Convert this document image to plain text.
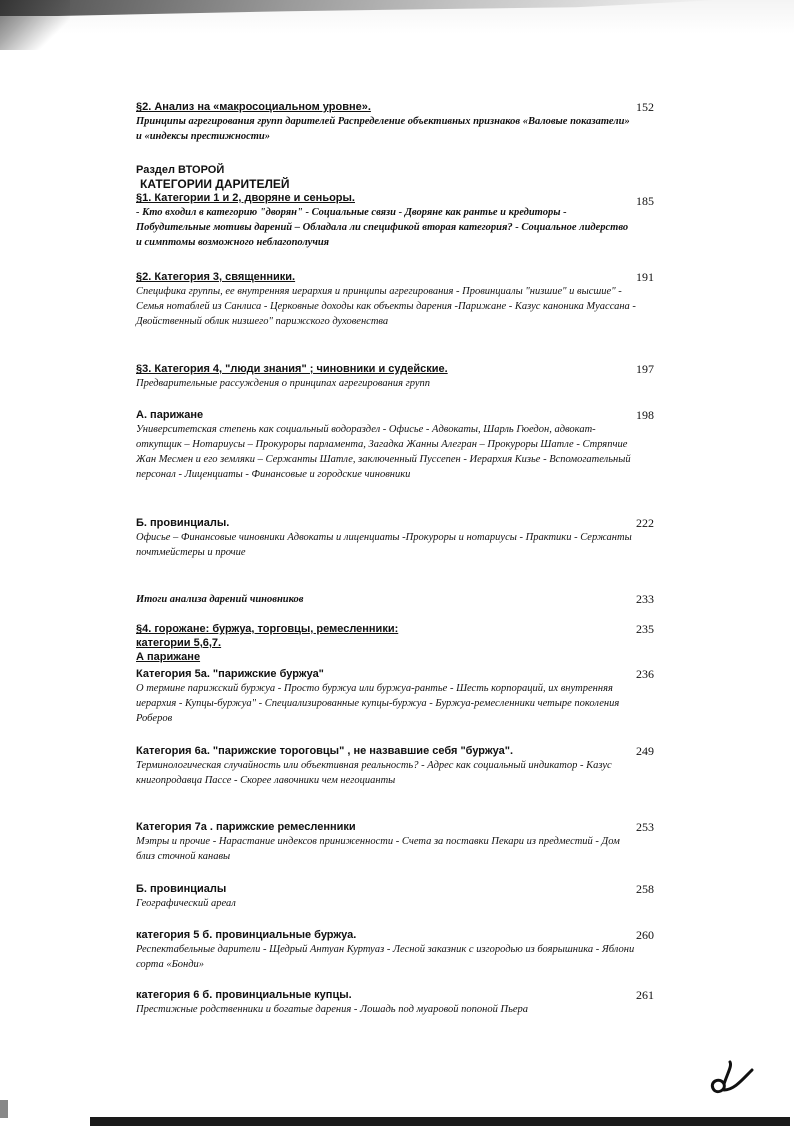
§2. Анализ на «макросоциальном уровне».
Принципы агрегирования групп дарителей Распределение объективных признаков «Валовые показатели» и «индексы престижности»
152
Раздел ВТОРОЙ
КАТЕГОРИИ ДАРИТЕЛЕЙ
§1. Категории 1 и 2, дворяне и сеньоры.
- Кто входил в категорию "дворян" - Социальные связи - Дворяне как рантье и кредиторы - Побудительные мотивы дарений – Обладала ли спецификой вторая категория? - Социальное лидерство и симптомы возможного неблагополучия
185
§2. Категория 3, священники.
Специфика группы, ее внутренняя иерархия и принципы агрегирования - Провинциалы "низшие" и высшие" - Семья нотаблей из Санлиса - Церковные доходы как объекты дарения -Парижане - Казус каноника Муассана - Двойственный облик низшего" парижского духовенства
191
§3. Категория 4, "люди знания" ; чиновники и судейские.
Предварительные рассуждения о принципах агрегирования групп
197
А. парижане
Университетская степень как социальный водораздел - Офисье - Адвокаты, Шарль Гюедон, адвокат-откупщик – Нотариусы – Прокуроры парламента, Загадка Жанны Алегран – Прокуроры Шатле - Стряпчие Жан Месмен и его земляки – Сержанты Шатле, заключенный Пуссепен - Иерархия Кизье - Вспомогательный персонал - Лиценциаты - Финансовые и городские чиновники
198
Б. провинциалы.
Офисье – Финансовые чиновники Адвокаты и лиценциаты -Прокуроры и нотариусы - Практики - Сержанты почтмейстеры и прочие
222
Итоги анализа дарений чиновников	233
§4. горожане: буржуа, торговцы, ремесленники:
категории 5,6,7.
А парижане
235
Категория 5а. "парижские буржуа"
О термине парижский буржуа - Просто буржуа или буржуа-рантье - Шесть корпораций, их внутренняя иерархия - Купцы-буржуа" - Специализированные купцы-буржуа - Буржуа-ремесленники четыре поколения Роберов
236
Категория 6а. "парижские тороговцы" , не назвавшие себя "буржуа".
Терминологическая случайность или объективная реальность? - Адрес как социальный индикатор - Казус книгопродавца Пассе - Скорее лавочники чем негоцианты
249
Категория 7а . парижские ремесленники
Мэтры и прочие - Нарастание индексов приниженности - Счета за поставки Пекари из предместий - Дом близ сточной канавы
253
Б. провинциалы
Географический ареал
258
категория 5 б. провинциальные буржуа.
Респектабельные дарители - Щедрый Антуан Куртуаз - Лесной заказник с изгородью из боярышника - Яблони сорта «Бонди»
260
категория 6 б. провинциальные купцы.
Престижные родственники и богатые дарения - Лошадь под муаровой попоной Пьера
261
